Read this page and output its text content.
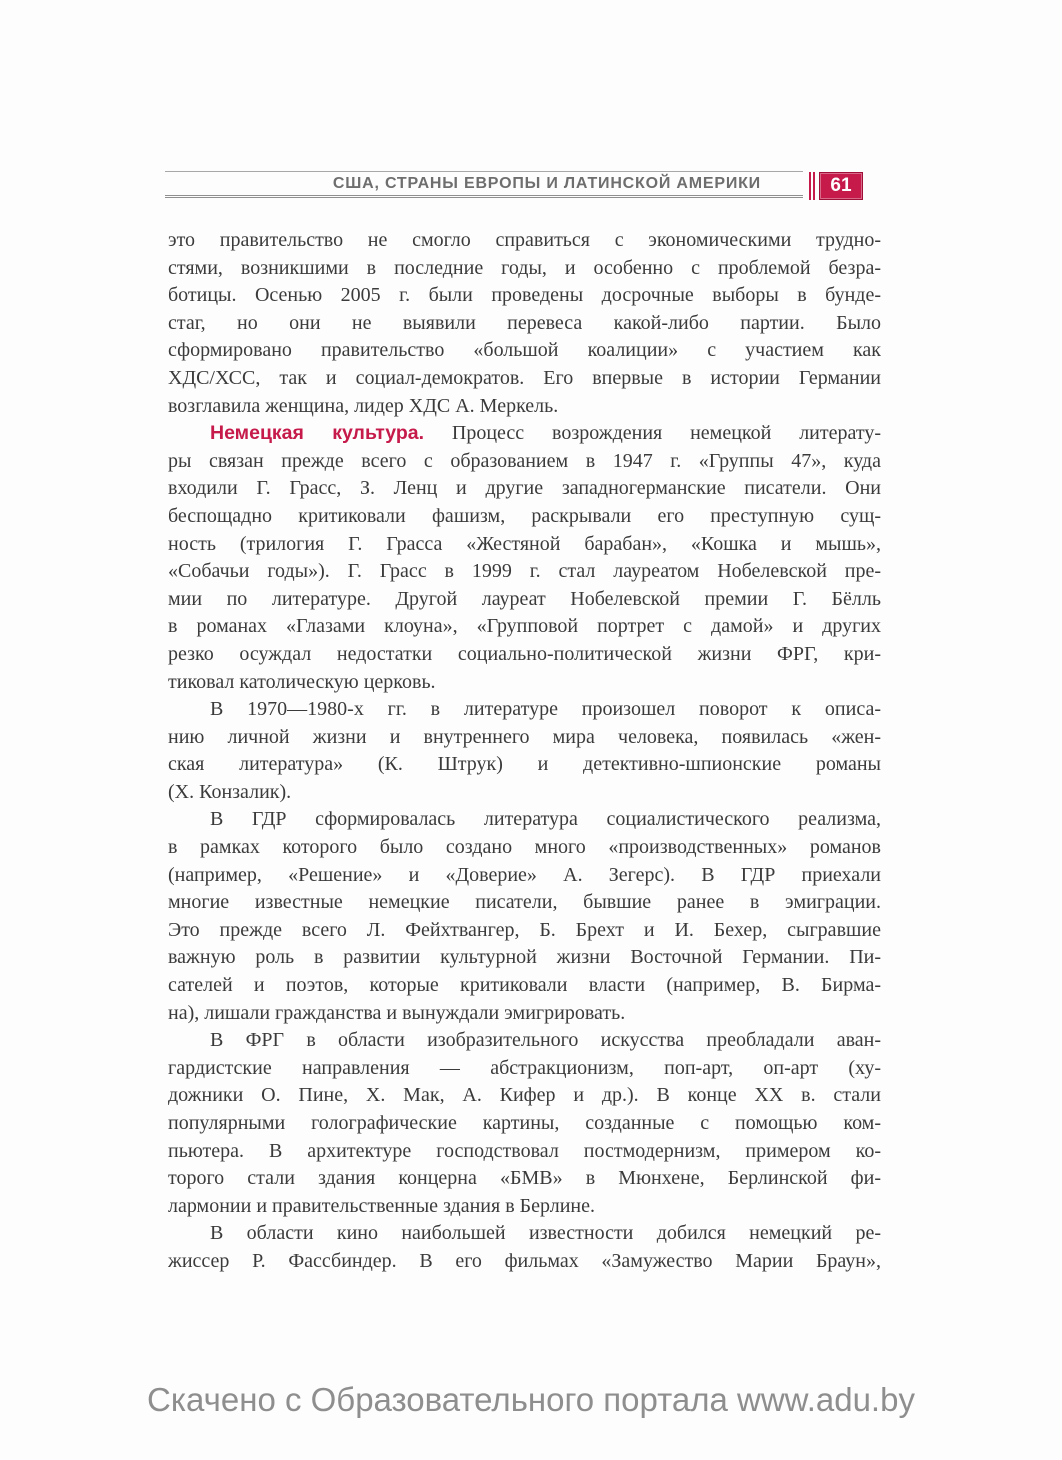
США, СТРАНЫ ЕВРОПЫ И ЛАТИНСКОЙ АМЕРИКИ	61
это правительство не смогло справиться с экономическими трудно-
стями, возникшими в последние годы, и особенно с проблемой безра-
ботицы. Осенью 2005 г. были проведены досрочные выборы в бунде-
стаг, но они не выявили перевеса какой-либо партии. Было
сформировано правительство «большой коалиции» с участием как
ХДС/ХСС, так и социал-демократов. Его впервые в истории Германии
возглавила женщина, лидер ХДС А. Меркель.
Немецкая культура. Процесс возрождения немецкой литерату-
ры связан прежде всего с образованием в 1947 г. «Группы 47», куда
входили Г. Грасс, З. Ленц и другие западногерманские писатели. Они
беспощадно критиковали фашизм, раскрывали его преступную сущ-
ность (трилогия Г. Грасса «Жестяной барабан», «Кошка и мышь»,
«Собачьи годы»). Г. Грасс в 1999 г. стал лауреатом Нобелевской пре-
мии по литературе. Другой лауреат Нобелевской премии Г. Бёлль
в романах «Глазами клоуна», «Групповой портрет с дамой» и других
резко осуждал недостатки социально-политической жизни ФРГ, кри-
тиковал католическую церковь.
В 1970—1980-х гг. в литературе произошел поворот к описа-
нию личной жизни и внутреннего мира человека, появилась «жен-
ская литература» (К. Штрук) и детективно-шпионские романы
(Х. Конзалик).
В ГДР сформировалась литература социалистического реализма,
в рамках которого было создано много «производственных» романов
(например, «Решение» и «Доверие» А. Зегерс). В ГДР приехали
многие известные немецкие писатели, бывшие ранее в эмиграции.
Это прежде всего Л. Фейхтвангер, Б. Брехт и И. Бехер, сыгравшие
важную роль в развитии культурной жизни Восточной Германии. Пи-
сателей и поэтов, которые критиковали власти (например, В. Бирма-
на), лишали гражданства и вынуждали эмигрировать.
В ФРГ в области изобразительного искусства преобладали аван-
гардистские направления — абстракционизм, поп-арт, оп-арт (ху-
дожники О. Пине, Х. Мак, А. Кифер и др.). В конце XX в. стали
популярными голографические картины, созданные с помощью ком-
пьютера. В архитектуре господствовал постмодернизм, примером ко-
торого стали здания концерна «БМВ» в Мюнхене, Берлинской фи-
лармонии и правительственные здания в Берлине.
В области кино наибольшей известности добился немецкий ре-
жиссер Р. Фассбиндер. В его фильмах «Замужество Марии Браун»,
Скачено с Образовательного портала www.adu.by
